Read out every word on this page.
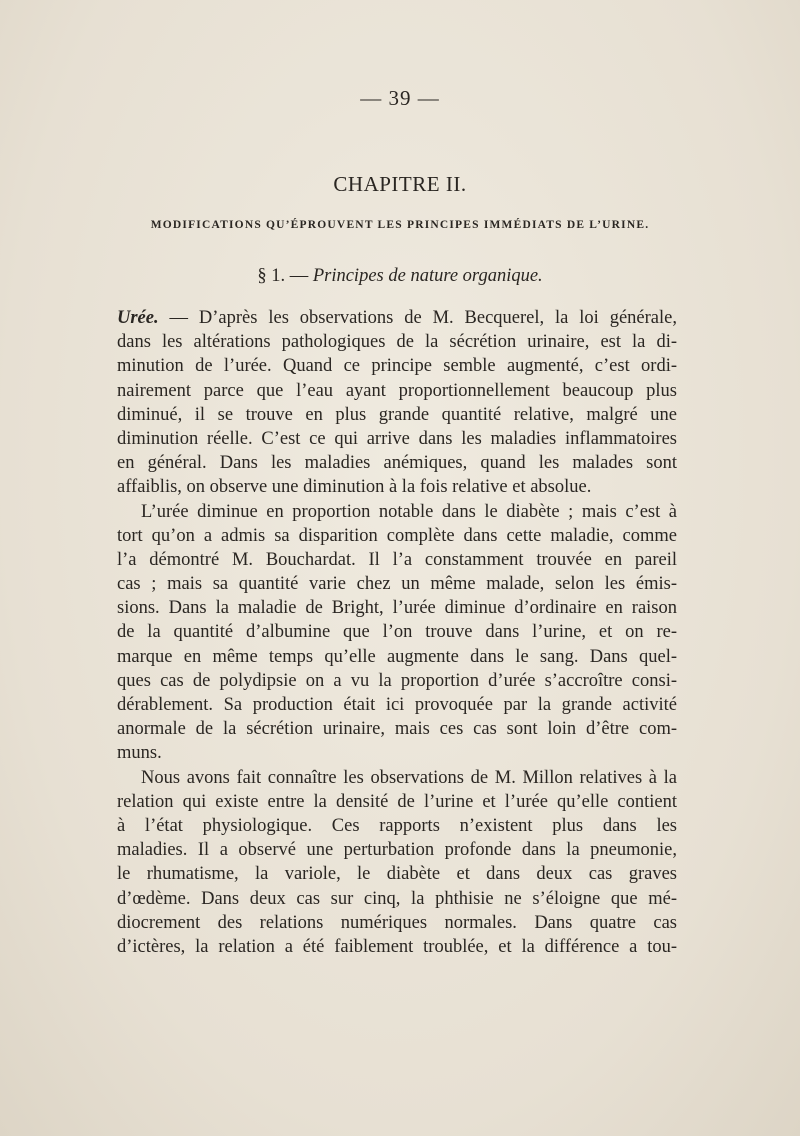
— 39 —
CHAPITRE II.
MODIFICATIONS QU’ÉPROUVENT LES PRINCIPES IMMÉDIATS DE L’URINE.
§ 1. — Principes de nature organique.
Urée. — D’après les observations de M. Becquerel, la loi générale,
dans les altérations pathologiques de la sécrétion urinaire, est la di-
minution de l’urée. Quand ce principe semble augmenté, c’est ordi-
nairement parce que l’eau ayant proportionnellement beaucoup plus
diminué, il se trouve en plus grande quantité relative, malgré une
diminution réelle. C’est ce qui arrive dans les maladies inflammatoires
en général. Dans les maladies anémiques, quand les malades sont
affaiblis, on observe une diminution à la fois relative et absolue.
L’urée diminue en proportion notable dans le diabète ; mais c’est à
tort qu’on a admis sa disparition complète dans cette maladie, comme
l’a démontré M. Bouchardat. Il l’a constamment trouvée en pareil
cas ; mais sa quantité varie chez un même malade, selon les émis-
sions. Dans la maladie de Bright, l’urée diminue d’ordinaire en raison
de la quantité d’albumine que l’on trouve dans l’urine, et on re-
marque en même temps qu’elle augmente dans le sang. Dans quel-
ques cas de polydipsie on a vu la proportion d’urée s’accroître consi-
dérablement. Sa production était ici provoquée par la grande activité
anormale de la sécrétion urinaire, mais ces cas sont loin d’être com-
muns.
Nous avons fait connaître les observations de M. Millon relatives à la
relation qui existe entre la densité de l’urine et l’urée qu’elle contient
à l’état physiologique. Ces rapports n’existent plus dans les
maladies. Il a observé une perturbation profonde dans la pneumonie,
le rhumatisme, la variole, le diabète et dans deux cas graves
d’œdème. Dans deux cas sur cinq, la phthisie ne s’éloigne que mé-
diocrement des relations numériques normales. Dans quatre cas
d’ictères, la relation a été faiblement troublée, et la différence a tou-
